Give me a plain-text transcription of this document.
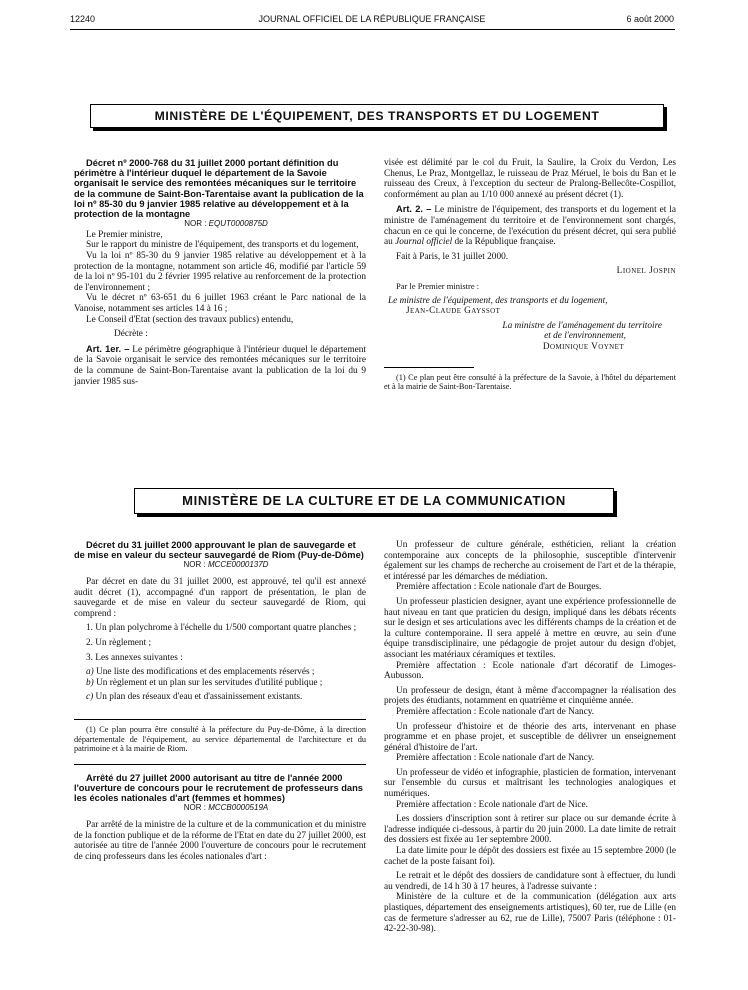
12240	JOURNAL OFFICIEL DE LA RÉPUBLIQUE FRANÇAISE	6 août 2000
MINISTÈRE DE L'ÉQUIPEMENT, DES TRANSPORTS ET DU LOGEMENT

Décret nº 2000-768 du 31 juillet 2000 portant définition du périmètre à l'intérieur duquel le département de la Savoie organisait le service des remontées mécaniques sur le territoire de la commune de Saint-Bon-Tarentaise avant la publication de la loi nº 85-30 du 9 janvier 1985 relative au développement et à la protection de la montagne

NOR : EQUT0000875D

Le Premier ministre,

Sur le rapport du ministre de l'équipement, des transports et du logement,

Vu la loi nº 85-30 du 9 janvier 1985 relative au développement et à la protection de la montagne, notamment son article 46, modifié par l'article 59 de la loi nº 95-101 du 2 février 1995 relative au renforcement de la protection de l'environnement ;

Vu le décret nº 63-651 du 6 juillet 1963 créant le Parc national de la Vanoise, notamment ses articles 14 à 16 ;

Le Conseil d'Etat (section des travaux publics) entendu,

Décrète :

Art. 1er. – Le périmètre géographique à l'intérieur duquel le département de la Savoie organisait le service des remontées mécaniques sur le territoire de la commune de Saint-Bon-Tarentaise avant la publication de la loi du 9 janvier 1985 sus-

visée est délimité par le col du Fruit, la Saulire, la Croix du Verdon, Les Chenus, Le Praz, Montgellaz, le ruisseau de Praz Méruel, le bois du Ban et le ruisseau des Creux, à l'exception du secteur de Pralong-Bellecôte-Cospillot, conformément au plan au 1/10 000 annexé au présent décret (1).

Art. 2. – Le ministre de l'équipement, des transports et du logement et la ministre de l'aménagement du territoire et de l'environnement sont chargés, chacun en ce qui le concerne, de l'exécution du présent décret, qui sera publié au Journal officiel de la République française.

Fait à Paris, le 31 juillet 2000.

Lionel Jospin

Par le Premier ministre :

Le ministre de l'équipement, des transports et du logement,

Jean-Claude Gayssot

La ministre de l'aménagement du territoire

et de l'environnement,

Dominique Voynet

(1) Ce plan peut être consulté à la préfecture de la Savoie, à l'hôtel du département et à la mairie de Saint-Bon-Tarentaise.

MINISTÈRE DE LA CULTURE ET DE LA COMMUNICATION

Décret du 31 juillet 2000 approuvant le plan de sauvegarde et de mise en valeur du secteur sauvegardé de Riom (Puy-de-Dôme)

NOR : MCCE0000137D

Par décret en date du 31 juillet 2000, est approuvé, tel qu'il est annexé audit décret (1), accompagné d'un rapport de présentation, le plan de sauvegarde et de mise en valeur du secteur sauvegardé de Riom, qui comprend :

1. Un plan polychrome à l'échelle du 1/500 comportant quatre planches ;

2. Un règlement ;

3. Les annexes suivantes :

a) Une liste des modifications et des emplacements réservés ;

b) Un règlement et un plan sur les servitudes d'utilité publique ;

c) Un plan des réseaux d'eau et d'assainissement existants.

(1) Ce plan pourra être consulté à la préfecture du Puy-de-Dôme, à la direction départementale de l'équipement, au service départemental de l'architecture et du patrimoine et à la mairie de Riom.

Arrêté du 27 juillet 2000 autorisant au titre de l'année 2000 l'ouverture de concours pour le recrutement de professeurs dans les écoles nationales d'art (femmes et hommes)

NOR : MCCB0000519A

Par arrêté de la ministre de la culture et de la communication et du ministre de la fonction publique et de la réforme de l'Etat en date du 27 juillet 2000, est autorisée au titre de l'année 2000 l'ouverture de concours pour le recrutement de cinq professeurs dans les écoles nationales d'art :

Un professeur de culture générale, esthéticien, reliant la création contemporaine aux concepts de la philosophie, susceptible d'intervenir également sur les champs de recherche au croisement de l'art et de la thérapie, et intéressé par les démarches de médiation.

Première affectation : Ecole nationale d'art de Bourges.

Un professeur plasticien designer, ayant une expérience professionnelle de haut niveau en tant que praticien du design, impliqué dans les débats récents sur le design et ses articulations avec les différents champs de la création et de la culture contemporaine. Il sera appelé à mettre en œuvre, au sein d'une équipe transdisciplinaire, une pédagogie de projet autour du design d'objet, associant les matériaux céramiques et textiles.

Première affectation : Ecole nationale d'art décoratif de Limoges-Aubusson.

Un professeur de design, étant à même d'accompagner la réalisation des projets des étudiants, notamment en quatrième et cinquième année.

Première affectation : Ecole nationale d'art de Nancy.

Un professeur d'histoire et de théorie des arts, intervenant en phase programme et en phase projet, et susceptible de délivrer un enseignement général d'histoire de l'art.

Première affectation : Ecole nationale d'art de Nancy.

Un professeur de vidéo et infographie, plasticien de formation, intervenant sur l'ensemble du cursus et maîtrisant les technologies analogiques et numériques.

Première affectation : Ecole nationale d'art de Nice.

Les dossiers d'inscription sont à retirer sur place ou sur demande écrite à l'adresse indiquée ci-dessous, à partir du 20 juin 2000. La date limite de retrait des dossiers est fixée au 1er septembre 2000.

La date limite pour le dépôt des dossiers est fixée au 15 septembre 2000 (le cachet de la poste faisant foi).

Le retrait et le dépôt des dossiers de candidature sont à effectuer, du lundi au vendredi, de 14 h 30 à 17 heures, à l'adresse suivante :

Ministère de la culture et de la communication (délégation aux arts plastiques, département des enseignements artistiques), 60 ter, rue de Lille (en cas de fermeture s'adresser au 62, rue de Lille), 75007 Paris (téléphone : 01-42-22-30-98).
